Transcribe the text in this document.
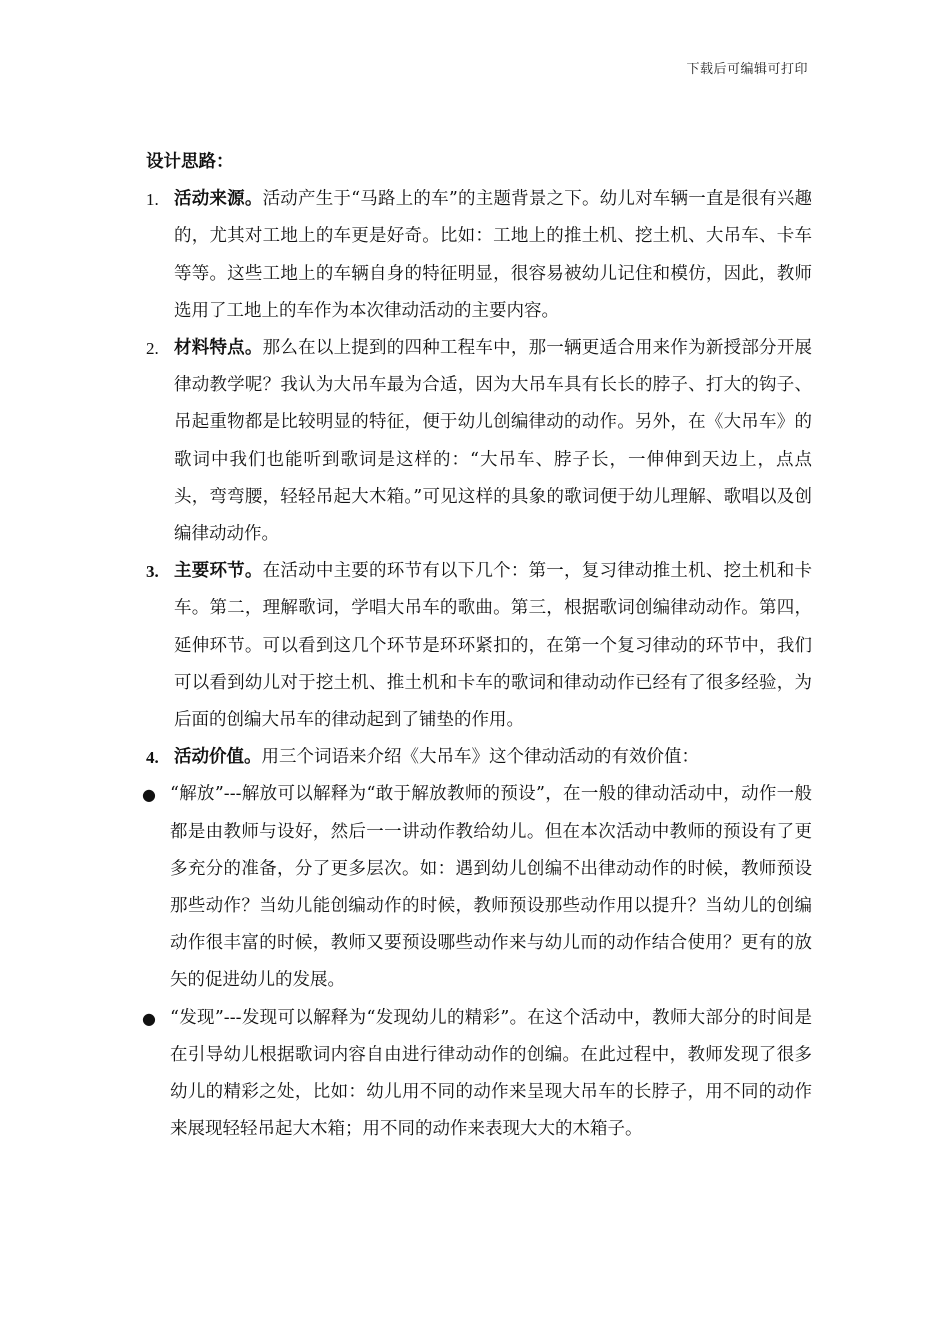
下载后可编辑可打印

设计思路：

1. 活动来源。活动产生于“马路上的车”的主题背景之下。幼儿对车辆一直是很有兴趣的，尤其对工地上的车更是好奇。比如：工地上的推土机、挖土机、大吊车、卡车等等。这些工地上的车辆自身的特征明显，很容易被幼儿记住和模仿，因此，教师选用了工地上的车作为本次律动活动的主要内容。

2. 材料特点。那么在以上提到的四种工程车中，那一辆更适合用来作为新授部分开展律动教学呢？我认为大吊车最为合适，因为大吊车具有长长的脖子、打大的钩子、吊起重物都是比较明显的特征，便于幼儿创编律动的动作。另外，在《大吊车》的歌词中我们也能听到歌词是这样的：“大吊车、脖子长，一伸伸到天边上，点点头，弯弯腰，轻轻吊起大木箱。”可见这样的具象的歌词便于幼儿理解、歌唱以及创编律动动作。

3. 主要环节。在活动中主要的环节有以下几个：第一，复习律动推土机、挖土机和卡车。第二，理解歌词，学唱大吊车的歌曲。第三，根据歌词创编律动动作。第四，延伸环节。可以看到这几个环节是环环紧扣的，在第一个复习律动的环节中，我们可以看到幼儿对于挖土机、推土机和卡车的歌词和律动动作已经有了很多经验，为后面的创编大吊车的律动起到了铺垫的作用。

4. 活动价值。用三个词语来介绍《大吊车》这个律动活动的有效价值：

● “解放”---解放可以解释为“敢于解放教师的预设”，在一般的律动活动中，动作一般都是由教师与设好，然后一一讲动作教给幼儿。但在本次活动中教师的预设有了更多充分的准备，分了更多层次。如：遇到幼儿创编不出律动动作的时候，教师预设那些动作？当幼儿能创编动作的时候，教师预设那些动作用以提升？当幼儿的创编动作很丰富的时候，教师又要预设哪些动作来与幼儿而的动作结合使用？更有的放矢的促进幼儿的发展。

● “发现”---发现可以解释为“发现幼儿的精彩”。在这个活动中，教师大部分的时间是在引导幼儿根据歌词内容自由进行律动动作的创编。在此过程中，教师发现了很多幼儿的精彩之处，比如：幼儿用不同的动作来呈现大吊车的长脖子，用不同的动作来展现轻轻吊起大木箱；用不同的动作来表现大大的木箱子。
